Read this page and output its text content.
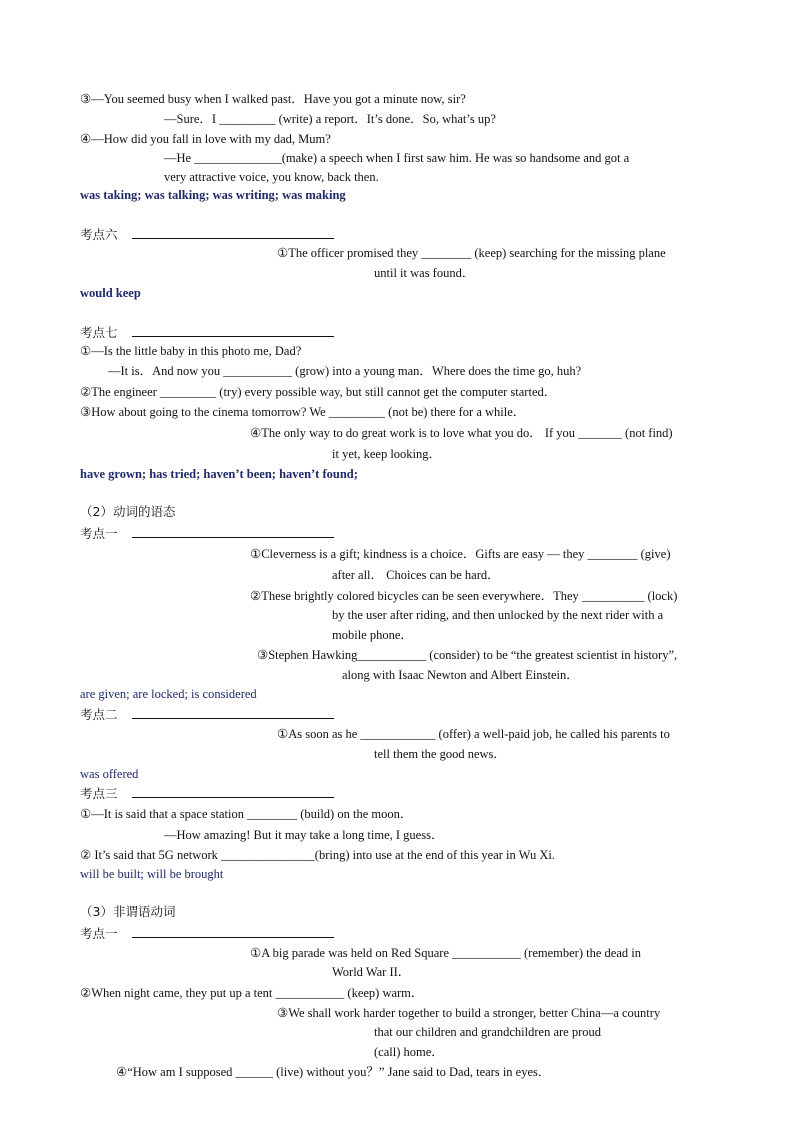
③—You seemed busy when I walked past．Have you got a minute now, sir?
—Sure．I _________ (write) a report．It’s done．So, what’s up?
④—How did you fall in love with my dad, Mum?
—He ______________(make) a speech when I first saw him. He was so handsome and got a
very attractive voice, you know, back then.
was taking; was talking; was writing; was making
考点六
①The officer promised they ________ (keep) searching for the missing plane
until it was found．
would keep
考点七
①—Is the little baby in this photo me, Dad?
—It is．And now you ___________ (grow) into a young man．Where does the time go, huh?
②The engineer _________ (try) every possible way, but still cannot get the computer started．
③How about going to the cinema tomorrow? We _________ (not be) there for a while．
④The only way to do great work is to love what you do． If you _______ (not find)
it yet, keep looking．
have grown; has tried; haven’t been; haven’t found;
（2）动词的语态
考点一
①Cleverness is a gift; kindness is a choice．Gifts are easy — they ________ (give)
after all． Choices can be hard．
②These brightly colored bicycles can be seen everywhere．They __________ (lock)
by the user after riding, and then unlocked by the next rider with a
mobile phone．
③Stephen Hawking___________ (consider) to be “the greatest scientist in history”,
along with Isaac Newton and Albert Einstein．
are given; are locked; is considered
考点二
①As soon as he ____________ (offer) a well-paid job, he called his parents to
tell them the good news．
was offered
考点三
①—It is said that a space station ________ (build) on the moon．
—How amazing! But it may take a long time, I guess．
② It’s said that 5G network _______________(bring) into use at the end of this year in Wu Xi.
will be built; will be brought
（3）非谓语动词
考点一
①A big parade was held on Red Square ___________ (remember) the dead in
World War II．
②When night came, they put up a tent ___________ (keep) warm．
③We shall work harder together to build a stronger, better China—a country
that our children and grandchildren are proud
(call) home．
④“How am I supposed ______ (live) without you？” Jane said to Dad, tears in eyes．
